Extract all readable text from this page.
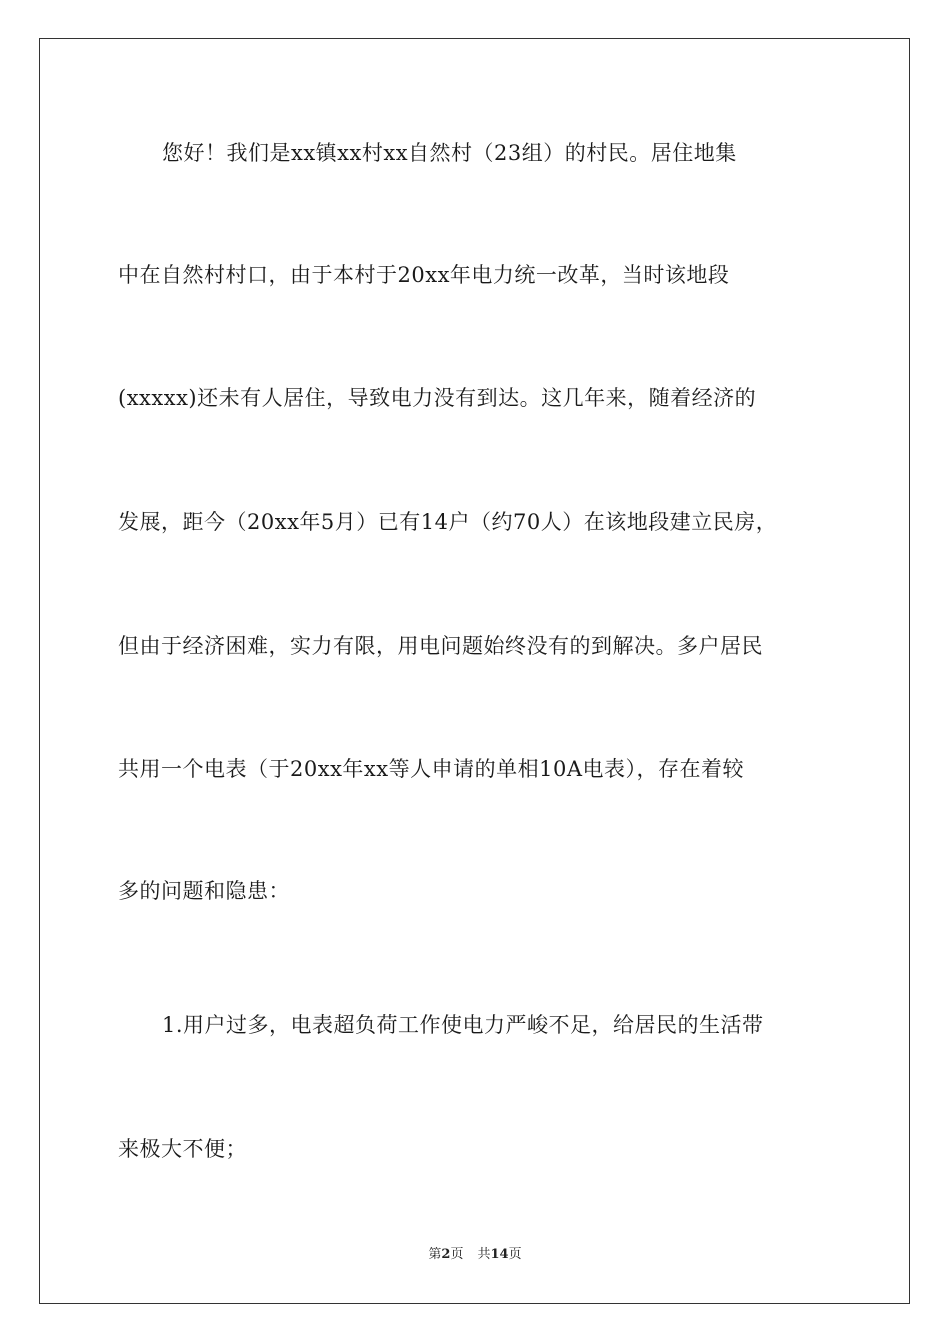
您好！我们是xx镇xx村xx自然村（23组）的村民。居住地集
中在自然村村口，由于本村于20xx年电力统一改革，当时该地段
(xxxxx)还未有人居住，导致电力没有到达。这几年来，随着经济的
发展，距今（20xx年5月）已有14户（约70人）在该地段建立民房，
但由于经济困难，实力有限，用电问题始终没有的到解决。多户居民
共用一个电表（于20xx年xx等人申请的单相10A电表），存在着较
多的问题和隐患：
1.用户过多，电表超负荷工作使电力严峻不足，给居民的生活带
来极大不便；
第2页 共14页
